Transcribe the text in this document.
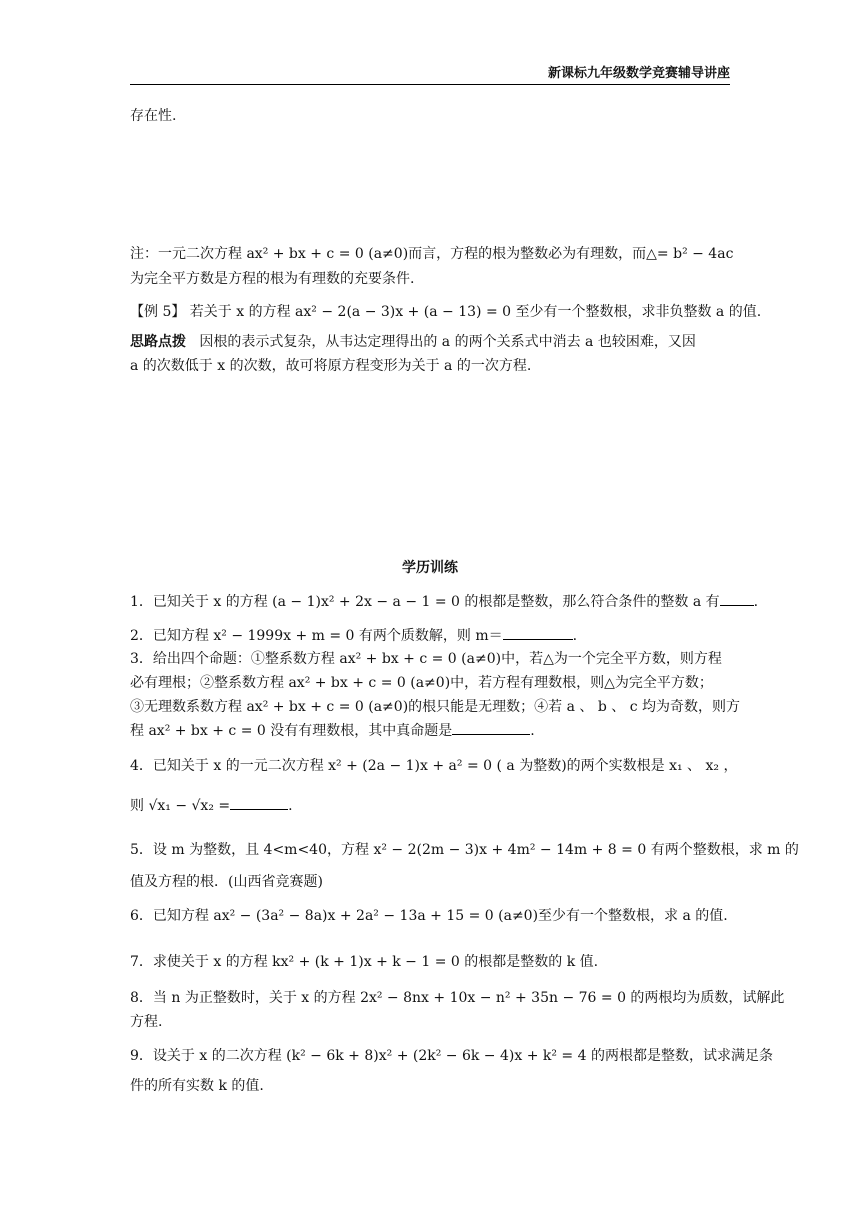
新课标九年级数学竞赛辅导讲座
存在性.
注：一元二次方程 ax² + bx + c = 0 (a≠0)而言，方程的根为整数必为有理数，而△= b² − 4ac
为完全平方数是方程的根为有理数的充要条件.
【例 5】 若关于 x 的方程 ax² − 2(a − 3)x + (a − 13) = 0 至少有一个整数根，求非负整数 a 的值.
思路点拨 因根的表示式复杂，从韦达定理得出的 a 的两个关系式中消去 a 也较困难，又因
a 的次数低于 x 的次数，故可将原方程变形为关于 a 的一次方程.
学历训练
1．已知关于 x 的方程 (a − 1)x² + 2x − a − 1 = 0 的根都是整数，那么符合条件的整数 a 有 .
2．已知方程 x² − 1999x + m = 0 有两个质数解，则 m＝	.
3．给出四个命题：①整系数方程 ax² + bx + c = 0 (a≠0)中，若△为一个完全平方数，则方程
必有理根；②整系数方程 ax² + bx + c = 0 (a≠0)中，若方程有理数根，则△为完全平方数；
③无理数系数方程 ax² + bx + c = 0 (a≠0)的根只能是无理数；④若 a 、 b 、 c 均为奇数，则方
程 ax² + bx + c = 0 没有有理数根，其中真命题是	.
4．已知关于 x 的一元二次方程 x² + (2a − 1)x + a² = 0 ( a 为整数)的两个实数根是 x₁ 、 x₂ ，
则 √x₁ − √x₂ =	.
5．设 m 为整数，且 4<m<40，方程 x² − 2(2m − 3)x + 4m² − 14m + 8 = 0 有两个整数根，求 m 的
值及方程的根．(山西省竞赛题)
6．已知方程 ax² − (3a² − 8a)x + 2a² − 13a + 15 = 0 (a≠0)至少有一个整数根，求 a 的值.
7．求使关于 x 的方程 kx² + (k + 1)x + k − 1 = 0 的根都是整数的 k 值.
8．当 n 为正整数时，关于 x 的方程 2x² − 8nx + 10x − n² + 35n − 76 = 0 的两根均为质数，试解此
方程.
9．设关于 x 的二次方程 (k² − 6k + 8)x² + (2k² − 6k − 4)x + k² = 4 的两根都是整数，试求满足条
件的所有实数 k 的值.
